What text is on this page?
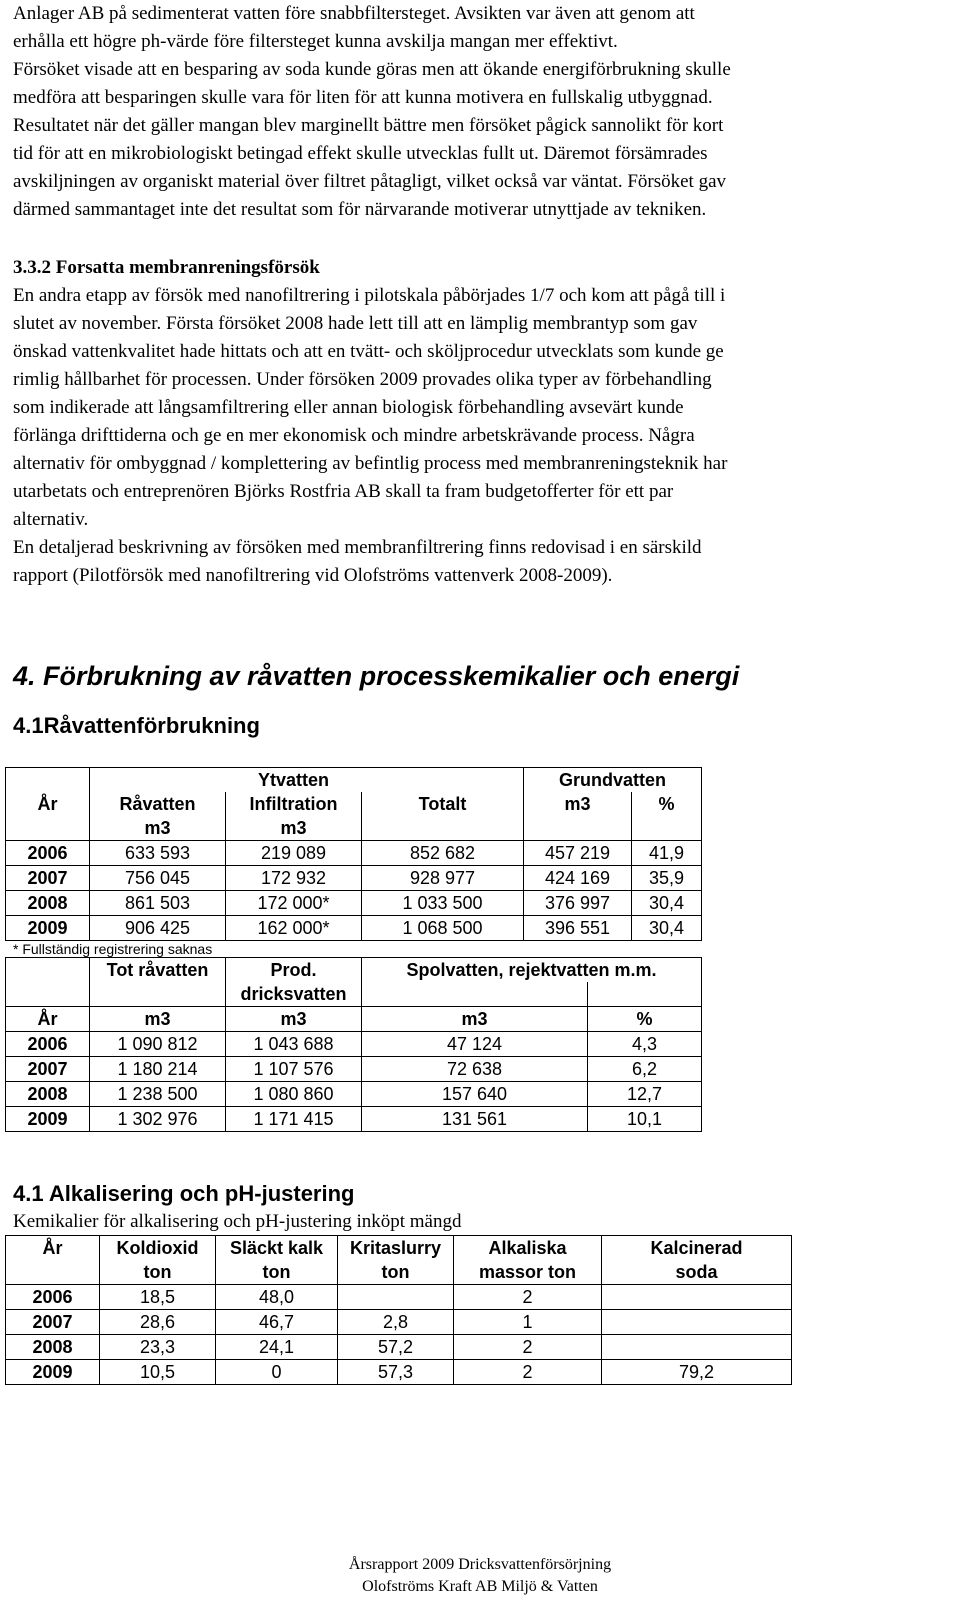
Anlager AB på sedimenterat vatten före snabbfiltersteget. Avsikten var även att genom att
erhålla ett högre ph-värde före filtersteget kunna avskilja mangan mer effektivt.
Försöket visade att en besparing av soda kunde göras men att ökande energiförbrukning skulle
medföra att besparingen skulle vara för liten för att kunna motivera en fullskalig utbyggnad.
Resultatet när det gäller mangan blev marginellt bättre men försöket pågick sannolikt för kort
tid för att en mikrobiologiskt betingad effekt skulle utvecklas fullt ut. Däremot försämrades
avskiljningen av organiskt material över filtret påtagligt, vilket också var väntat. Försöket gav
därmed sammantaget inte det resultat som för närvarande motiverar utnyttjade av tekniken.

3.3.2 Forsatta membranreningsförsök

En andra etapp av försök med nanofiltrering i pilotskala påbörjades 1/7 och kom att pågå till i
slutet av november. Första försöket 2008 hade lett till att en lämplig membrantyp som gav
önskad vattenkvalitet hade hittats och att en tvätt- och sköljprocedur utvecklats som kunde ge
rimlig hållbarhet för processen. Under försöken 2009 provades olika typer av förbehandling
som indikerade att långsamfiltrering eller annan biologisk förbehandling avsevärt kunde
förlänga drifttiderna och ge en mer ekonomisk och mindre arbetskrävande process. Några
alternativ för ombyggnad / komplettering av befintlig process med membranreningsteknik har
utarbetats och entreprenören Björks Rostfria AB skall ta fram budgetofferter för ett par
alternativ.
En detaljerad beskrivning av försöken med membranfiltrering finns redovisad i en särskild
rapport (Pilotförsök med nanofiltrering vid Olofströms vattenverk 2008-2009).

4. Förbrukning av råvatten processkemikalier och energi
4.1Råvattenförbrukning
		Ytvatten		Grundvatten	
År	Råvatten	Infiltration	Totalt	m3	%
	m3	m3			
2006	633 593	219 089	852 682	457 219	41,9
2007	756 045	172 932	928 977	424 169	35,9
2008	861 503	172 000*	1 033 500	376 997	30,4
2009	906 425	162 000*	1 068 500	396 551	30,4

* Fullständig registrering saknas

	Tot råvatten	Prod.	Spolvatten, rejektvatten m.m.	
		dricksvatten		
År	m3	m3	m3	%
2006	1 090 812	1 043 688	47 124	4,3
2007	1 180 214	1 107 576	72 638	6,2
2008	1 238 500	1 080 860	157 640	12,7
2009	1 302 976	1 171 415	131 561	10,1
4.1 Alkalisering och pH-justering

Kemikalier för alkalisering och pH-justering inköpt mängd

År	Koldioxid	Släckt kalk	Kritaslurry	Alkaliska	Kalcinerad
	ton	ton	ton	massor ton	soda
2006	18,5	48,0		2	
2007	28,6	46,7	2,8	1	
2008	23,3	24,1	57,2	2	
2009	10,5	0	57,3	2	79,2
Årsrapport 2009 Dricksvattenförsörjning
Olofströms Kraft AB Miljö & Vatten
